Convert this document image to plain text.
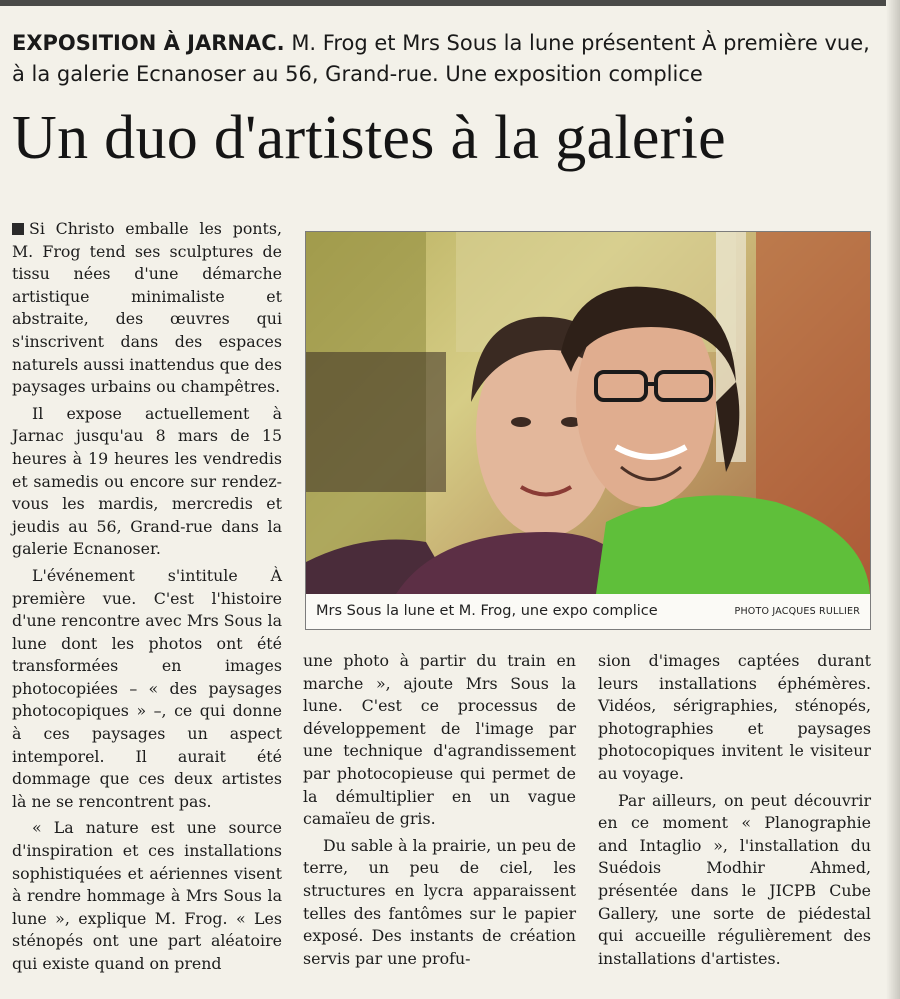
EXPOSITION À JARNAC. M. Frog et Mrs Sous la lune présentent À première vue, à la galerie Ecnanoser au 56, Grand-rue. Une exposition complice
Un duo d'artistes à la galerie

Si Christo emballe les ponts, M. Frog tend ses sculptures de tissu nées d'une démarche artistique minimaliste et abstraite, des œuvres qui s'inscrivent dans des espaces naturels aussi inattendus que des paysages urbains ou champêtres.

Il expose actuellement à Jarnac jusqu'au 8 mars de 15 heures à 19 heures les vendredis et samedis ou encore sur rendez-vous les mardis, mercredis et jeudis au 56, Grand-rue dans la galerie Ecnanoser.

L'événement s'intitule À première vue. C'est l'histoire d'une rencontre avec Mrs Sous la lune dont les photos ont été transformées en images photocopiées – « des paysages photocopiques » –, ce qui donne à ces paysages un aspect intemporel. Il aurait été dommage que ces deux artistes là ne se rencontrent pas.

« La nature est une source d'inspiration et ces installations sophistiquées et aériennes visent à rendre hommage à Mrs Sous la lune », explique M. Frog. « Les sténopés ont une part aléatoire qui existe quand on prend

Mrs Sous la lune et M. Frog, une expo complice	PHOTO JACQUES RULLIER

une photo à partir du train en marche », ajoute Mrs Sous la lune. C'est ce processus de développement de l'image par une technique d'agrandissement par photocopieuse qui permet de la démultiplier en un vague camaïeu de gris.

Du sable à la prairie, un peu de terre, un peu de ciel, les structures en lycra apparaissent telles des fantômes sur le papier exposé. Des instants de création servis par une profu-

sion d'images captées durant leurs installations éphémères. Vidéos, sérigraphies, sténopés, photographies et paysages photocopiques invitent le visiteur au voyage.

Par ailleurs, on peut découvrir en ce moment « Planographie and Intaglio », l'installation du Suédois Modhir Ahmed, présentée dans le JICPB Cube Gallery, une sorte de piédestal qui accueille régulièrement des installations d'artistes.
